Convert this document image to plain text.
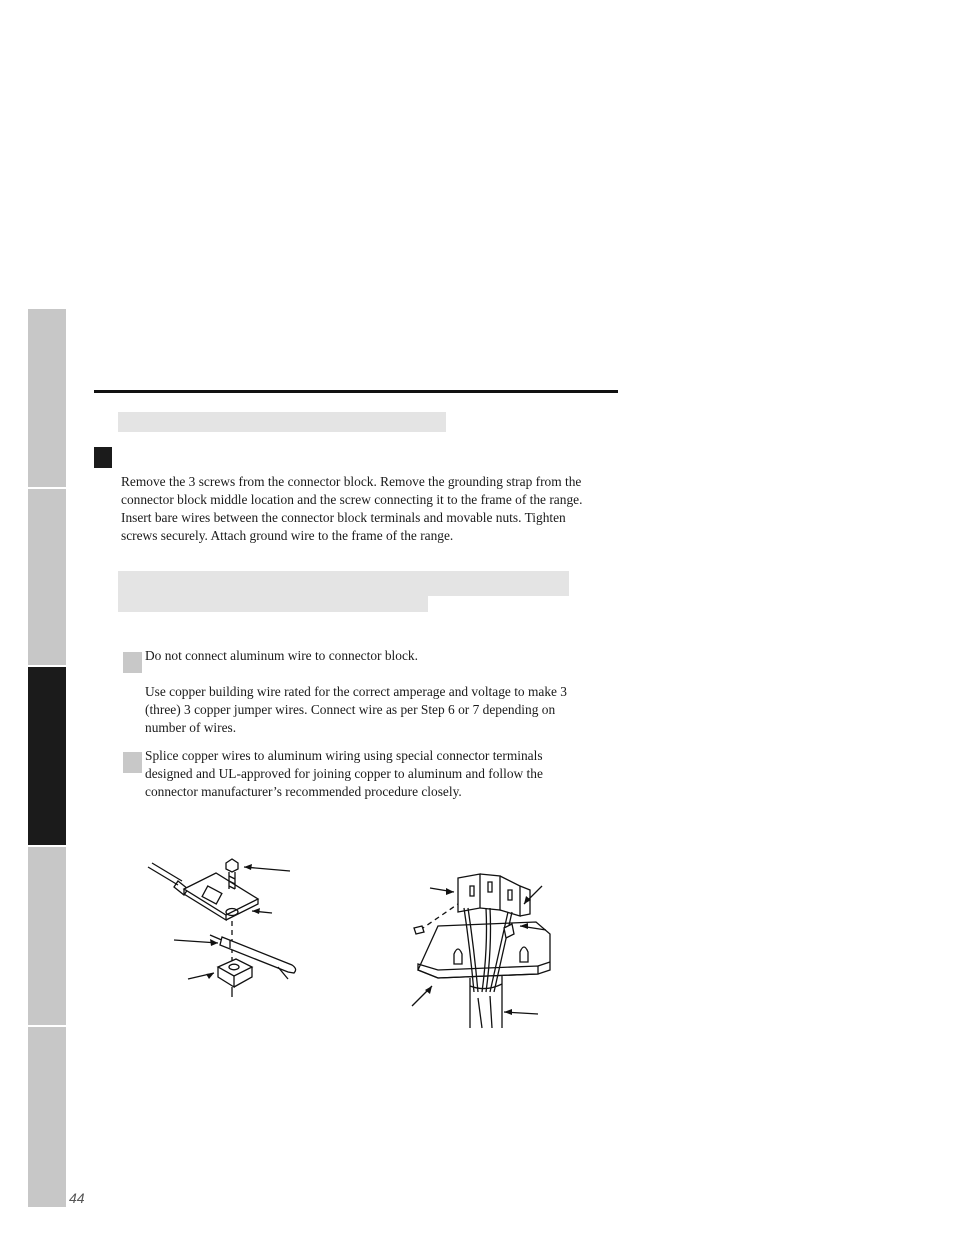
Remove the 3 screws from the connector block. Remove the grounding strap from the connector block middle location and the screw connecting it to the frame of the range. Insert bare wires between the connector block terminals and movable nuts. Tighten screws securely. Attach ground wire to the frame of the range.

Do not connect aluminum wire to connector block.

Use copper building wire rated for the correct amperage and voltage to make 3 (three) 3 copper jumper wires. Connect wire as per Step 6 or 7 depending on number of wires.

Splice copper wires to aluminum wiring using special connector terminals designed and UL-approved for joining copper to aluminum and follow the connector manufacturer’s recommended procedure closely.

44
